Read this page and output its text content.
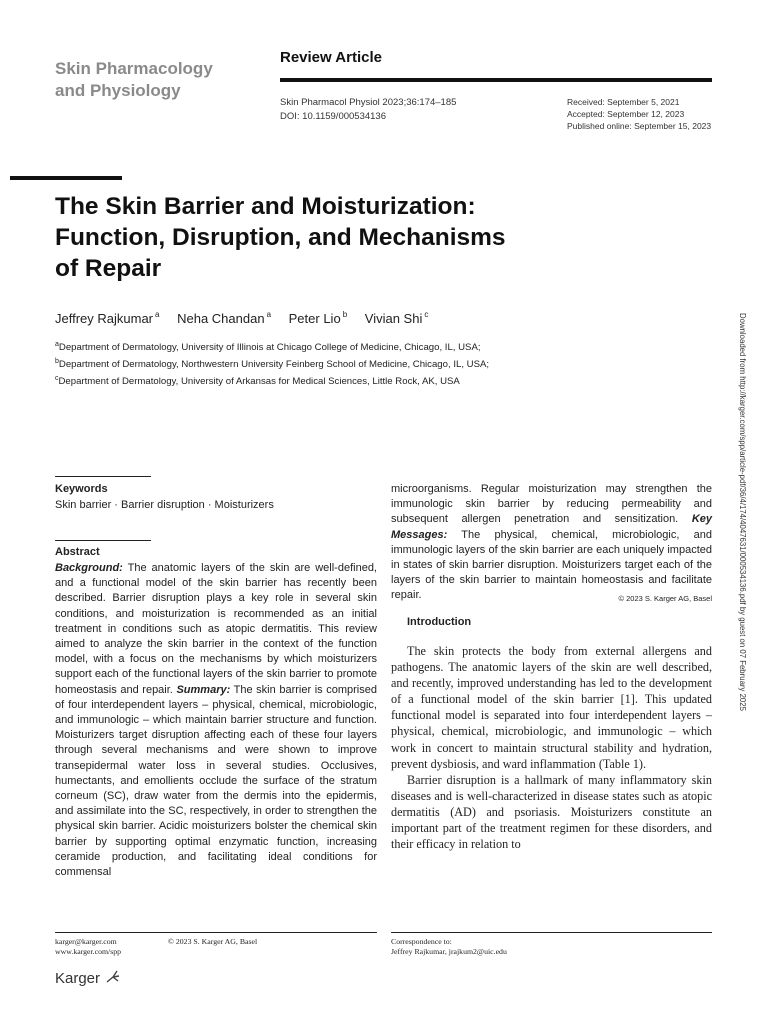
Skin Pharmacology
and Physiology
Review Article
Skin Pharmacol Physiol 2023;36:174–185
DOI: 10.1159/000534136
Received: September 5, 2021
Accepted: September 12, 2023
Published online: September 15, 2023
The Skin Barrier and Moisturization:
Function, Disruption, and Mechanisms
of Repair
Jeffrey Rajkumar $^a$ Neha Chandan $^a$ Peter Lio $^b$ Vivian Shi $^c$
$^a$Department of Dermatology, University of Illinois at Chicago College of Medicine, Chicago, IL, USA;
$^b$Department of Dermatology, Northwestern University Feinberg School of Medicine, Chicago, IL, USA;
$^c$Department of Dermatology, University of Arkansas for Medical Sciences, Little Rock, AK, USA	Downloaded from http://karger.com/spp/article-pdf/36/4/174/4047631/000534136.pdf by guest on 07 February 2025
Keywords
Skin barrier · Barrier disruption · Moisturizers
Abstract
Background: The anatomic layers of the skin are well-defined, and a functional model of the skin barrier has recently been described. Barrier disruption plays a key role in several skin conditions, and moisturization is recommended as an initial treatment in conditions such as atopic dermatitis. This review aimed to analyze the skin barrier in the context of the function model, with a focus on the mechanisms by which moisturizers support each of the functional layers of the skin barrier to promote homeostasis and repair. Summary: The skin barrier is comprised of four interdependent layers – physical, chemical, microbiologic, and immunologic – which maintain barrier structure and function. Moisturizers target disruption affecting each of these four layers through several mechanisms and were shown to improve transepidermal water loss in several studies. Occlusives, humectants, and emollients occlude the surface of the stratum corneum (SC), draw water from the dermis into the epidermis, and assimilate into the SC, respectively, in order to strengthen the physical skin barrier. Acidic moisturizers bolster the chemical skin barrier by supporting optimal enzymatic function, increasing ceramide production, and facilitating ideal conditions for commensal
microorganisms. Regular moisturization may strengthen the immunologic skin barrier by reducing permeability and subsequent allergen penetration and sensitization. Key Messages: The physical, chemical, microbiologic, and immunologic layers of the skin barrier are each uniquely impacted in states of skin barrier disruption. Moisturizers target each of the layers of the skin barrier to maintain homeostasis and facilitate repair.	© 2023 S. Karger AG, Basel
Introduction

The skin protects the body from external allergens and pathogens. The anatomic layers of the skin are well described, and recently, improved understanding has led to the development of a functional model of the skin barrier [1]. This updated functional model is separated into four interdependent layers – physical, chemical, microbiologic, and immunologic – which work in concert to maintain structural stability and hydration, prevent dysbiosis, and ward inflammation (Table 1).

Barrier disruption is a hallmark of many inflammatory skin diseases and is well-characterized in disease states such as atopic dermatitis (AD) and psoriasis. Moisturizers constitute an important part of the treatment regimen for these disorders, and their efficacy in relation to

karger@karger.com
www.karger.com/spp
© 2023 S. Karger AG, Basel	Correspondence to:
Jeffrey Rajkumar, jrajkum2@uic.edu
Karger
